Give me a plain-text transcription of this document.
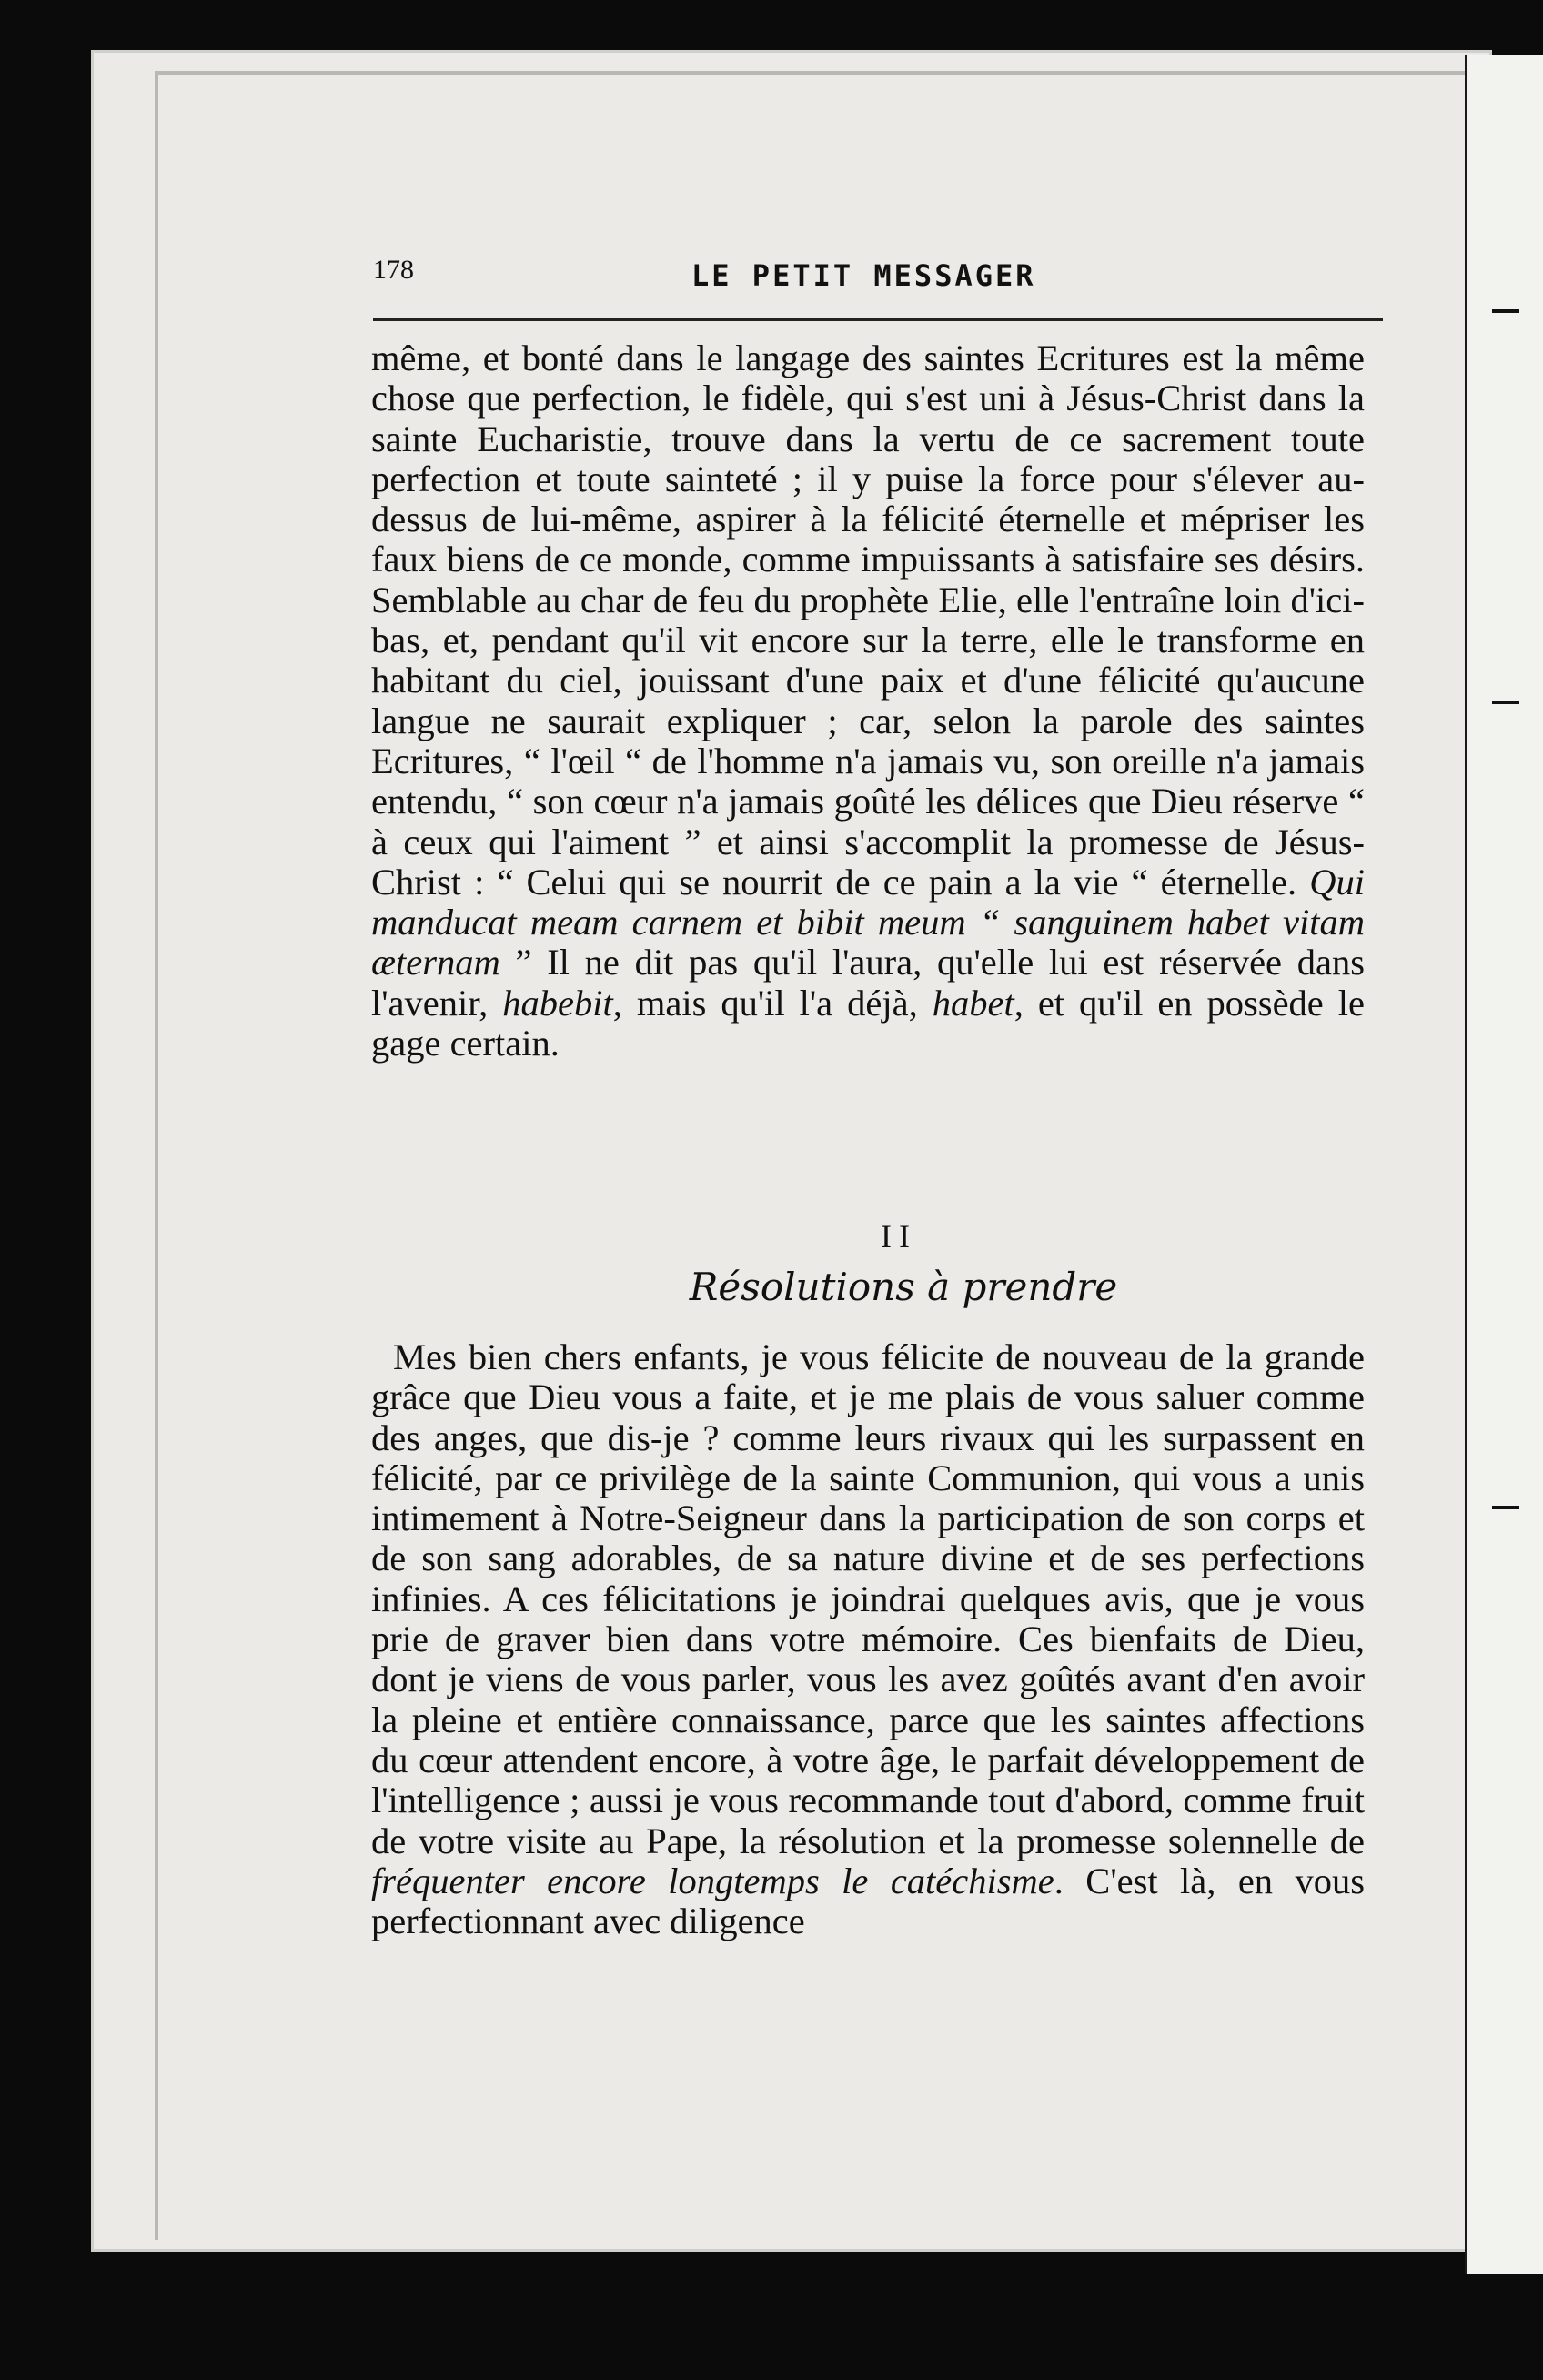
178	LE PETIT MESSAGER

même, et bonté dans le langage des saintes Ecritures est la même chose que perfection, le fidèle, qui s'est uni à Jésus-Christ dans la sainte Eucharistie, trouve dans la vertu de ce sacrement toute perfection et toute sainteté ; il y puise la force pour s'élever au-dessus de lui-même, aspirer à la félicité éternelle et mépriser les faux biens de ce monde, comme impuissants à satisfaire ses désirs. Semblable au char de feu du prophète Elie, elle l'entraîne loin d'ici-bas, et, pendant qu'il vit encore sur la terre, elle le transforme en habitant du ciel, jouissant d'une paix et d'une félicité qu'aucune langue ne saurait expliquer ; car, selon la parole des saintes Ecritures, “ l'œil “ de l'homme n'a jamais vu, son oreille n'a jamais entendu, “ son cœur n'a jamais goûté les délices que Dieu réserve “ à ceux qui l'aiment ” et ainsi s'accomplit la promesse de Jésus-Christ : “ Celui qui se nourrit de ce pain a la vie “ éternelle. Qui manducat meam carnem et bibit meum “ sanguinem habet vitam æternam ” Il ne dit pas qu'il l'aura, qu'elle lui est réservée dans l'avenir, habebit, mais qu'il l'a déjà, habet, et qu'il en possède le gage certain.

II
Résolutions à prendre

Mes bien chers enfants, je vous félicite de nouveau de la grande grâce que Dieu vous a faite, et je me plais de vous saluer comme des anges, que dis-je ? comme leurs rivaux qui les surpassent en félicité, par ce privilège de la sainte Communion, qui vous a unis intimement à Notre-Seigneur dans la participation de son corps et de son sang adorables, de sa nature divine et de ses perfections infinies. A ces félicitations je joindrai quelques avis, que je vous prie de graver bien dans votre mémoire. Ces bienfaits de Dieu, dont je viens de vous parler, vous les avez goûtés avant d'en avoir la pleine et entière connaissance, parce que les saintes affections du cœur attendent encore, à votre âge, le parfait développement de l'intelligence ; aussi je vous recommande tout d'abord, comme fruit de votre visite au Pape, la résolution et la promesse solennelle de fréquenter encore longtemps le catéchisme. C'est là, en vous perfectionnant avec diligence
